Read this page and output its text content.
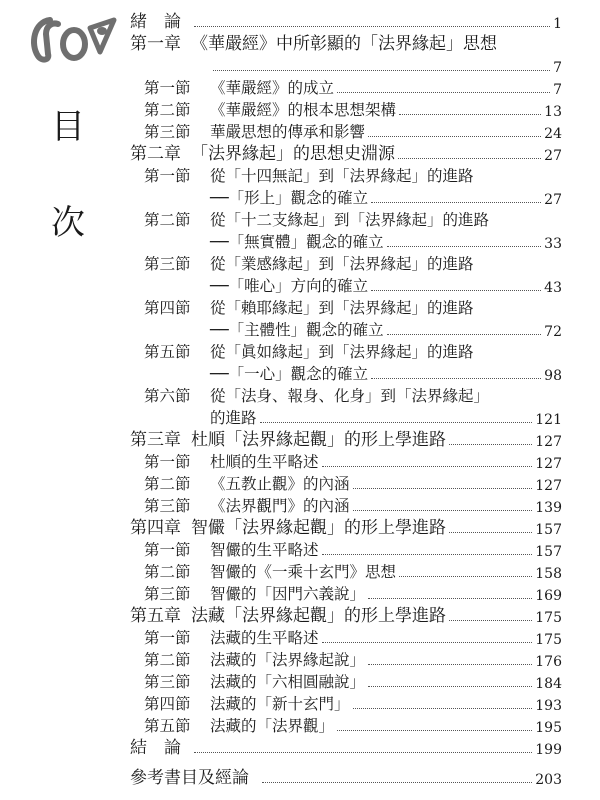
目
次
緒　論	1
第一章 《華嚴經》中所彰顯的「法界緣起」思想
7
第一節 《華嚴經》的成立	7
第二節 《華嚴經》的根本思想架構	13
第三節 華嚴思想的傳承和影響	24
第二章 「法界緣起」的思想史淵源	27
第一節 從「十四無記」到「法界緣起」的進路
──「形上」觀念的確立	27
第二節 從「十二支緣起」到「法界緣起」的進路
──「無實體」觀念的確立	33
第三節 從「業感緣起」到「法界緣起」的進路
──「唯心」方向的確立	43
第四節 從「賴耶緣起」到「法界緣起」的進路
──「主體性」觀念的確立	72
第五節 從「眞如緣起」到「法界緣起」的進路
──「一心」觀念的確立	98
第六節 從「法身、報身、化身」到「法界緣起」
的進路	121
第三章 杜順「法界緣起觀」的形上學進路	127
第一節 杜順的生平略述	127
第二節 《五教止觀》的內涵	127
第三節 《法界觀門》的內涵	139
第四章 智儼「法界緣起觀」的形上學進路	157
第一節 智儼的生平略述	157
第二節 智儼的《一乘十玄門》思想	158
第三節 智儼的「因門六義說」	169
第五章 法藏「法界緣起觀」的形上學進路	175
第一節 法藏的生平略述	175
第二節 法藏的「法界緣起說」	176
第三節 法藏的「六相圓融說」	184
第四節 法藏的「新十玄門」	193
第五節 法藏的「法界觀」	195
結　論	199
參考書目及經論	203
